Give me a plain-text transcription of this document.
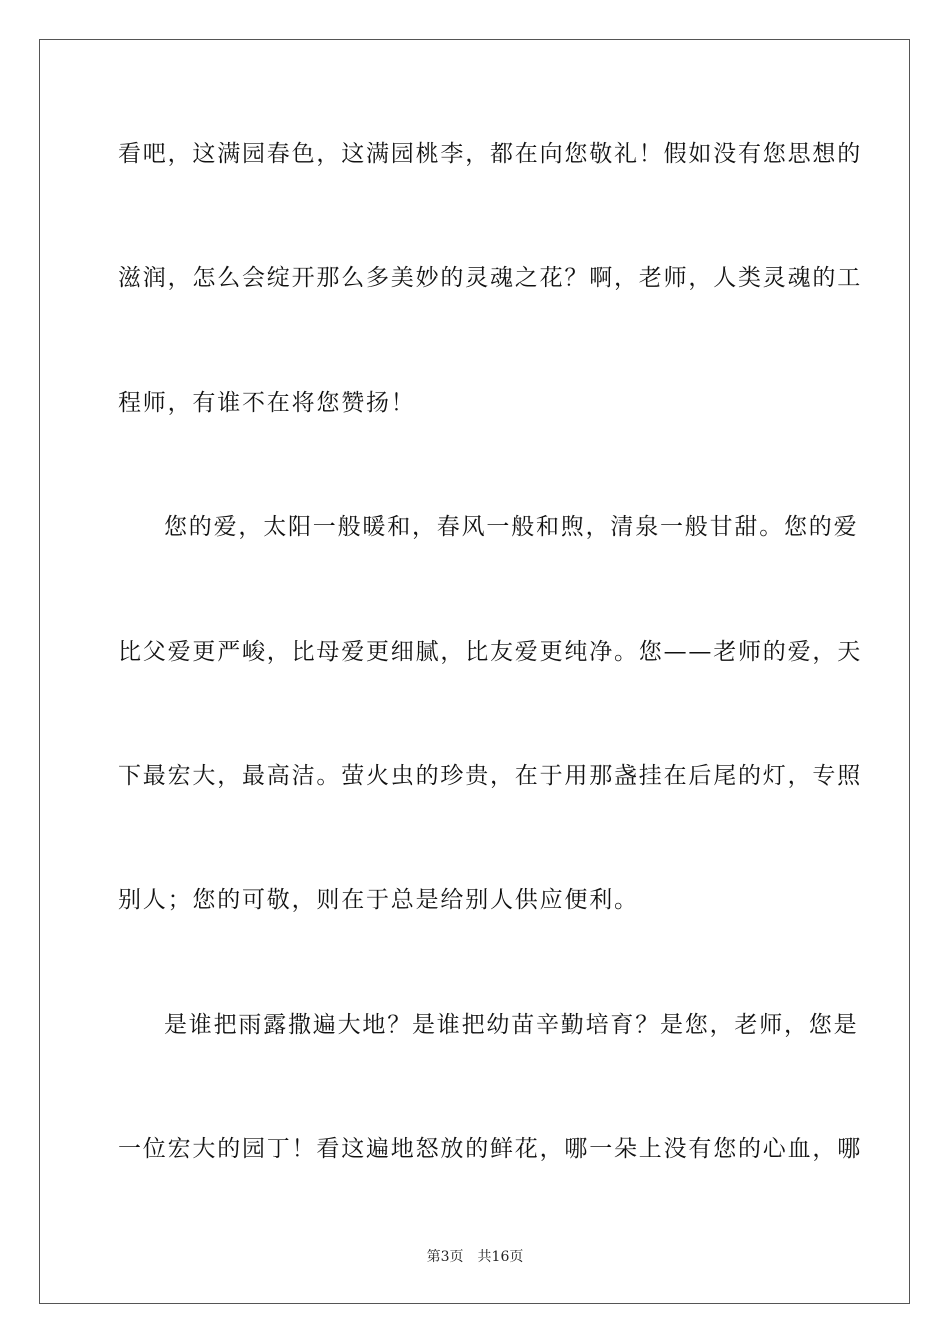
看吧，这满园春色，这满园桃李，都在向您敬礼！假如没有您思想的
滋润，怎么会绽开那么多美妙的灵魂之花？啊，老师，人类灵魂的工
程师，有谁不在将您赞扬！
您的爱，太阳一般暖和，春风一般和煦，清泉一般甘甜。您的爱
比父爱更严峻，比母爱更细腻，比友爱更纯净。您——老师的爱，天
下最宏大，最高洁。萤火虫的珍贵，在于用那盏挂在后尾的灯，专照
别人；您的可敬，则在于总是给别人供应便利。
是谁把雨露撒遍大地？是谁把幼苗辛勤培育？是您，老师，您是
一位宏大的园丁！看这遍地怒放的鲜花，哪一朵上没有您的心血，哪
第3页 共16页
